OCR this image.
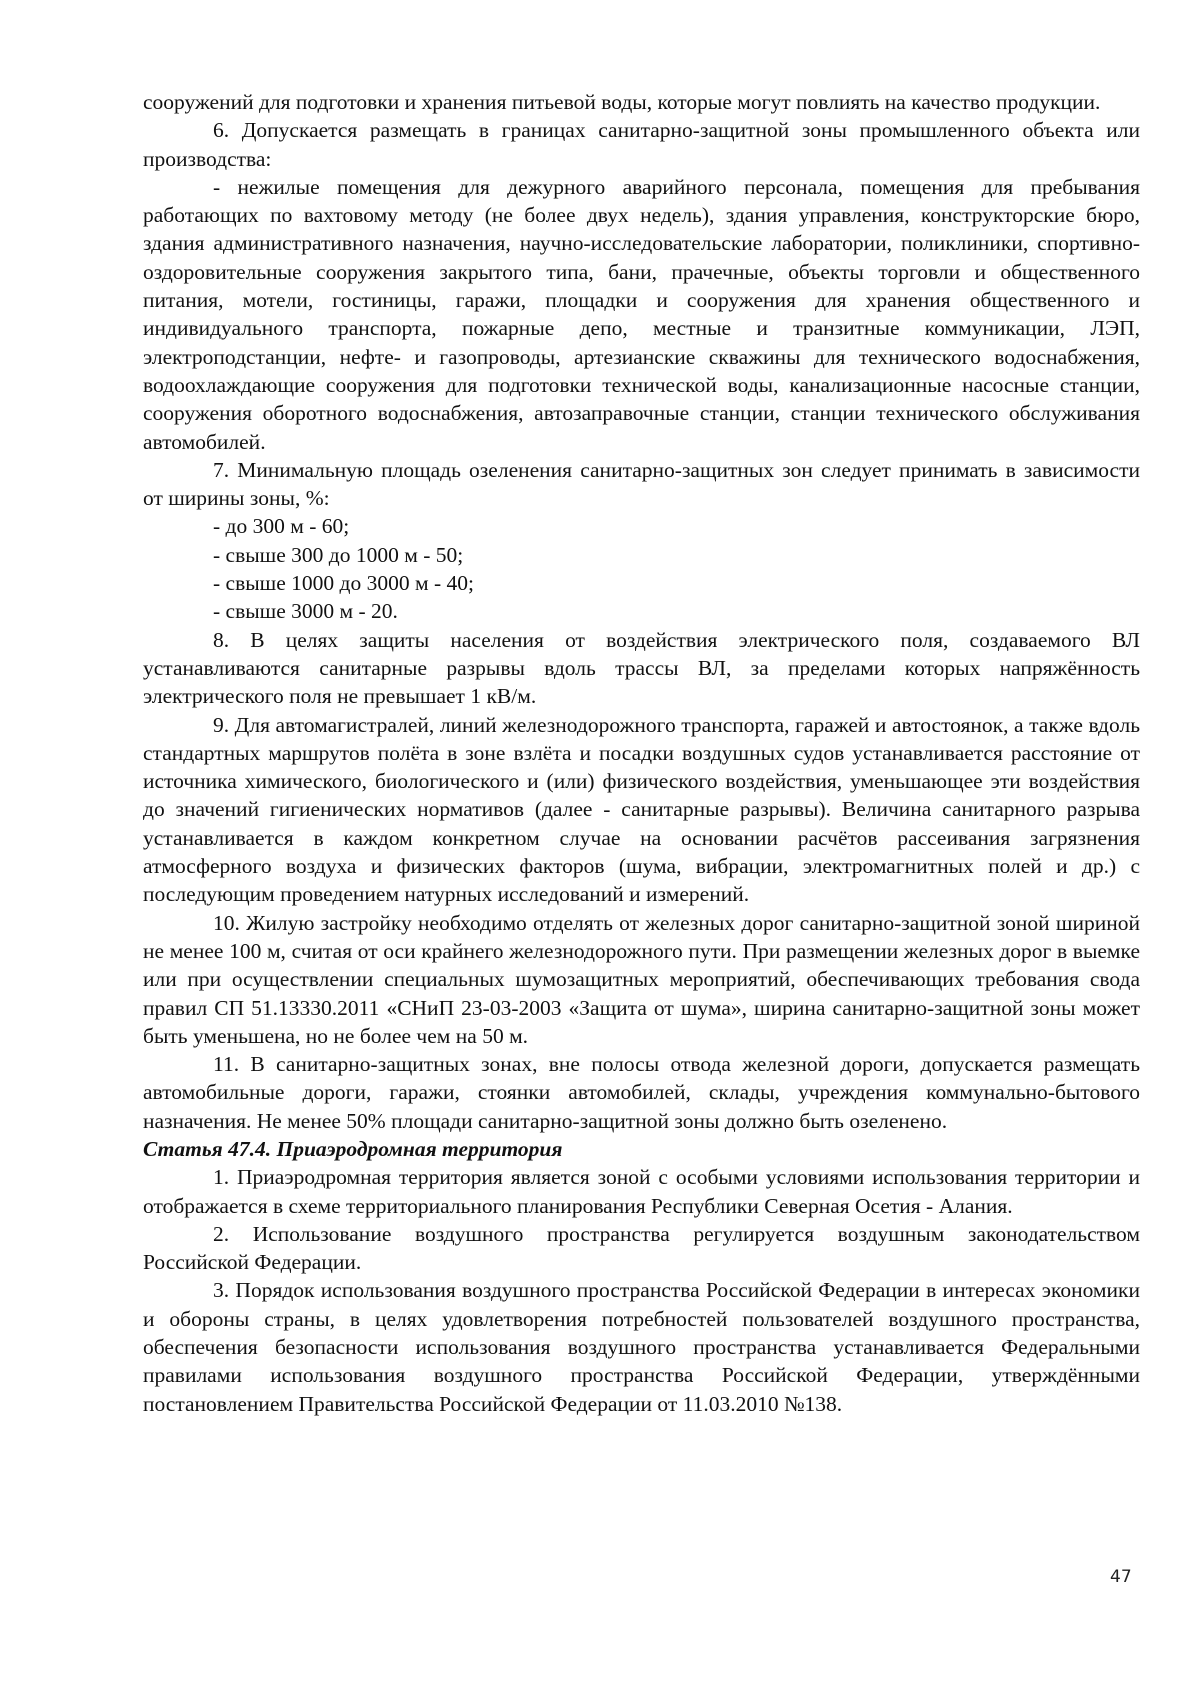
сооружений для подготовки и хранения питьевой воды, которые могут повлиять на качество продукции.

6. Допускается размещать в границах санитарно-защитной зоны промышленного объекта или производства:

- нежилые помещения для дежурного аварийного персонала, помещения для пребывания работающих по вахтовому методу (не более двух недель), здания управления, конструкторские бюро, здания административного назначения, научно-исследовательские лаборатории, поликлиники, спортивно-оздоровительные сооружения закрытого типа, бани, прачечные, объекты торговли и общественного питания, мотели, гостиницы, гаражи, площадки и сооружения для хранения общественного и индивидуального транспорта, пожарные депо, местные и транзитные коммуникации, ЛЭП, электроподстанции, нефте- и газопроводы, артезианские скважины для технического водоснабжения, водоохлаждающие сооружения для подготовки технической воды, канализационные насосные станции, сооружения оборотного водоснабжения, автозаправочные станции, станции технического обслуживания автомобилей.

7. Минимальную площадь озеленения санитарно-защитных зон следует принимать в зависимости от ширины зоны, %:

- до 300 м - 60;

- свыше 300 до 1000 м - 50;

- свыше 1000 до 3000 м - 40;

- свыше 3000 м - 20.

8. В целях защиты населения от воздействия электрического поля, создаваемого ВЛ устанавливаются санитарные разрывы вдоль трассы ВЛ, за пределами которых напряжённость электрического поля не превышает 1 кВ/м.

9. Для автомагистралей, линий железнодорожного транспорта, гаражей и автостоянок, а также вдоль стандартных маршрутов полёта в зоне взлёта и посадки воздушных судов устанавливается расстояние от источника химического, биологического и (или) физического воздействия, уменьшающее эти воздействия до значений гигиенических нормативов (далее - санитарные разрывы). Величина санитарного разрыва устанавливается в каждом конкретном случае на основании расчётов рассеивания загрязнения атмосферного воздуха и физических факторов (шума, вибрации, электромагнитных полей и др.) с последующим проведением натурных исследований и измерений.

10. Жилую застройку необходимо отделять от железных дорог санитарно-защитной зоной шириной не менее 100 м, считая от оси крайнего железнодорожного пути. При размещении железных дорог в выемке или при осуществлении специальных шумозащитных мероприятий, обеспечивающих требования свода правил СП 51.13330.2011 «СНиП 23-03-2003 «Защита от шума», ширина санитарно-защитной зоны может быть уменьшена, но не более чем на 50 м.

11. В санитарно-защитных зонах, вне полосы отвода железной дороги, допускается размещать автомобильные дороги, гаражи, стоянки автомобилей, склады, учреждения коммунально-бытового назначения. Не менее 50% площади санитарно-защитной зоны должно быть озеленено.

Статья 47.4. Приаэродромная территория

1. Приаэродромная территория является зоной с особыми условиями использования территории и отображается в схеме территориального планирования Республики Северная Осетия - Алания.

2. Использование воздушного пространства регулируется воздушным законодательством Российской Федерации.

3. Порядок использования воздушного пространства Российской Федерации в интересах экономики и обороны страны, в целях удовлетворения потребностей пользователей воздушного пространства, обеспечения безопасности использования воздушного пространства устанавливается Федеральными правилами использования воздушного пространства Российской Федерации, утверждёнными постановлением Правительства Российской Федерации от 11.03.2010 №138.

47
